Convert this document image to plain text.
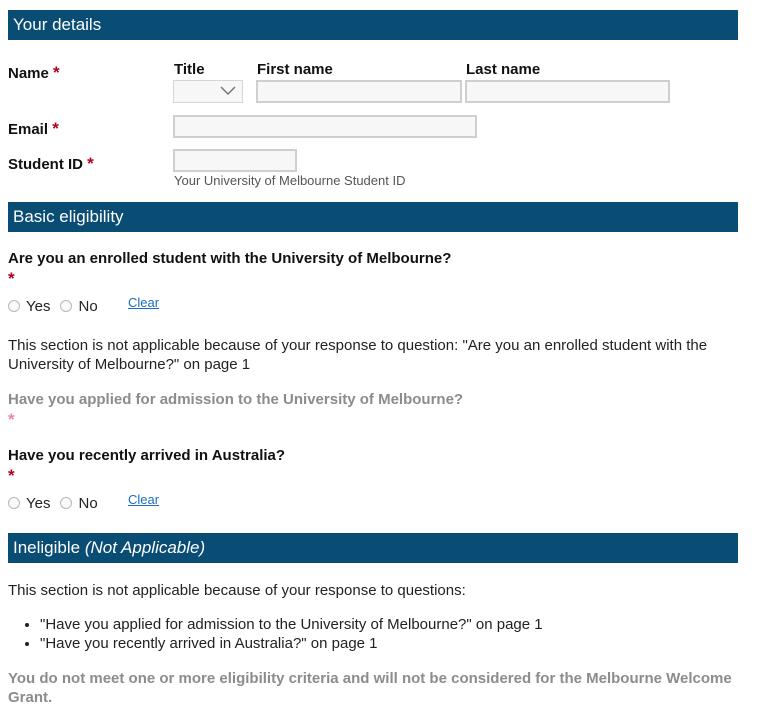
Your details
Name *	Title	First name	Last name
Email *
Student ID *
Your University of Melbourne Student ID
Basic eligibility
Are you an enrolled student with the University of Melbourne?
*
Yes No Clear
This section is not applicable because of your response to question: "Are you an enrolled student with the University of Melbourne?" on page 1
Have you applied for admission to the University of Melbourne?
*
Have you recently arrived in Australia?
*
Yes No Clear
Ineligible (Not Applicable)
This section is not applicable because of your response to questions:
• "Have you applied for admission to the University of Melbourne?" on page 1
• "Have you recently arrived in Australia?" on page 1
You do not meet one or more eligibility criteria and will not be considered for the Melbourne Welcome Grant.
